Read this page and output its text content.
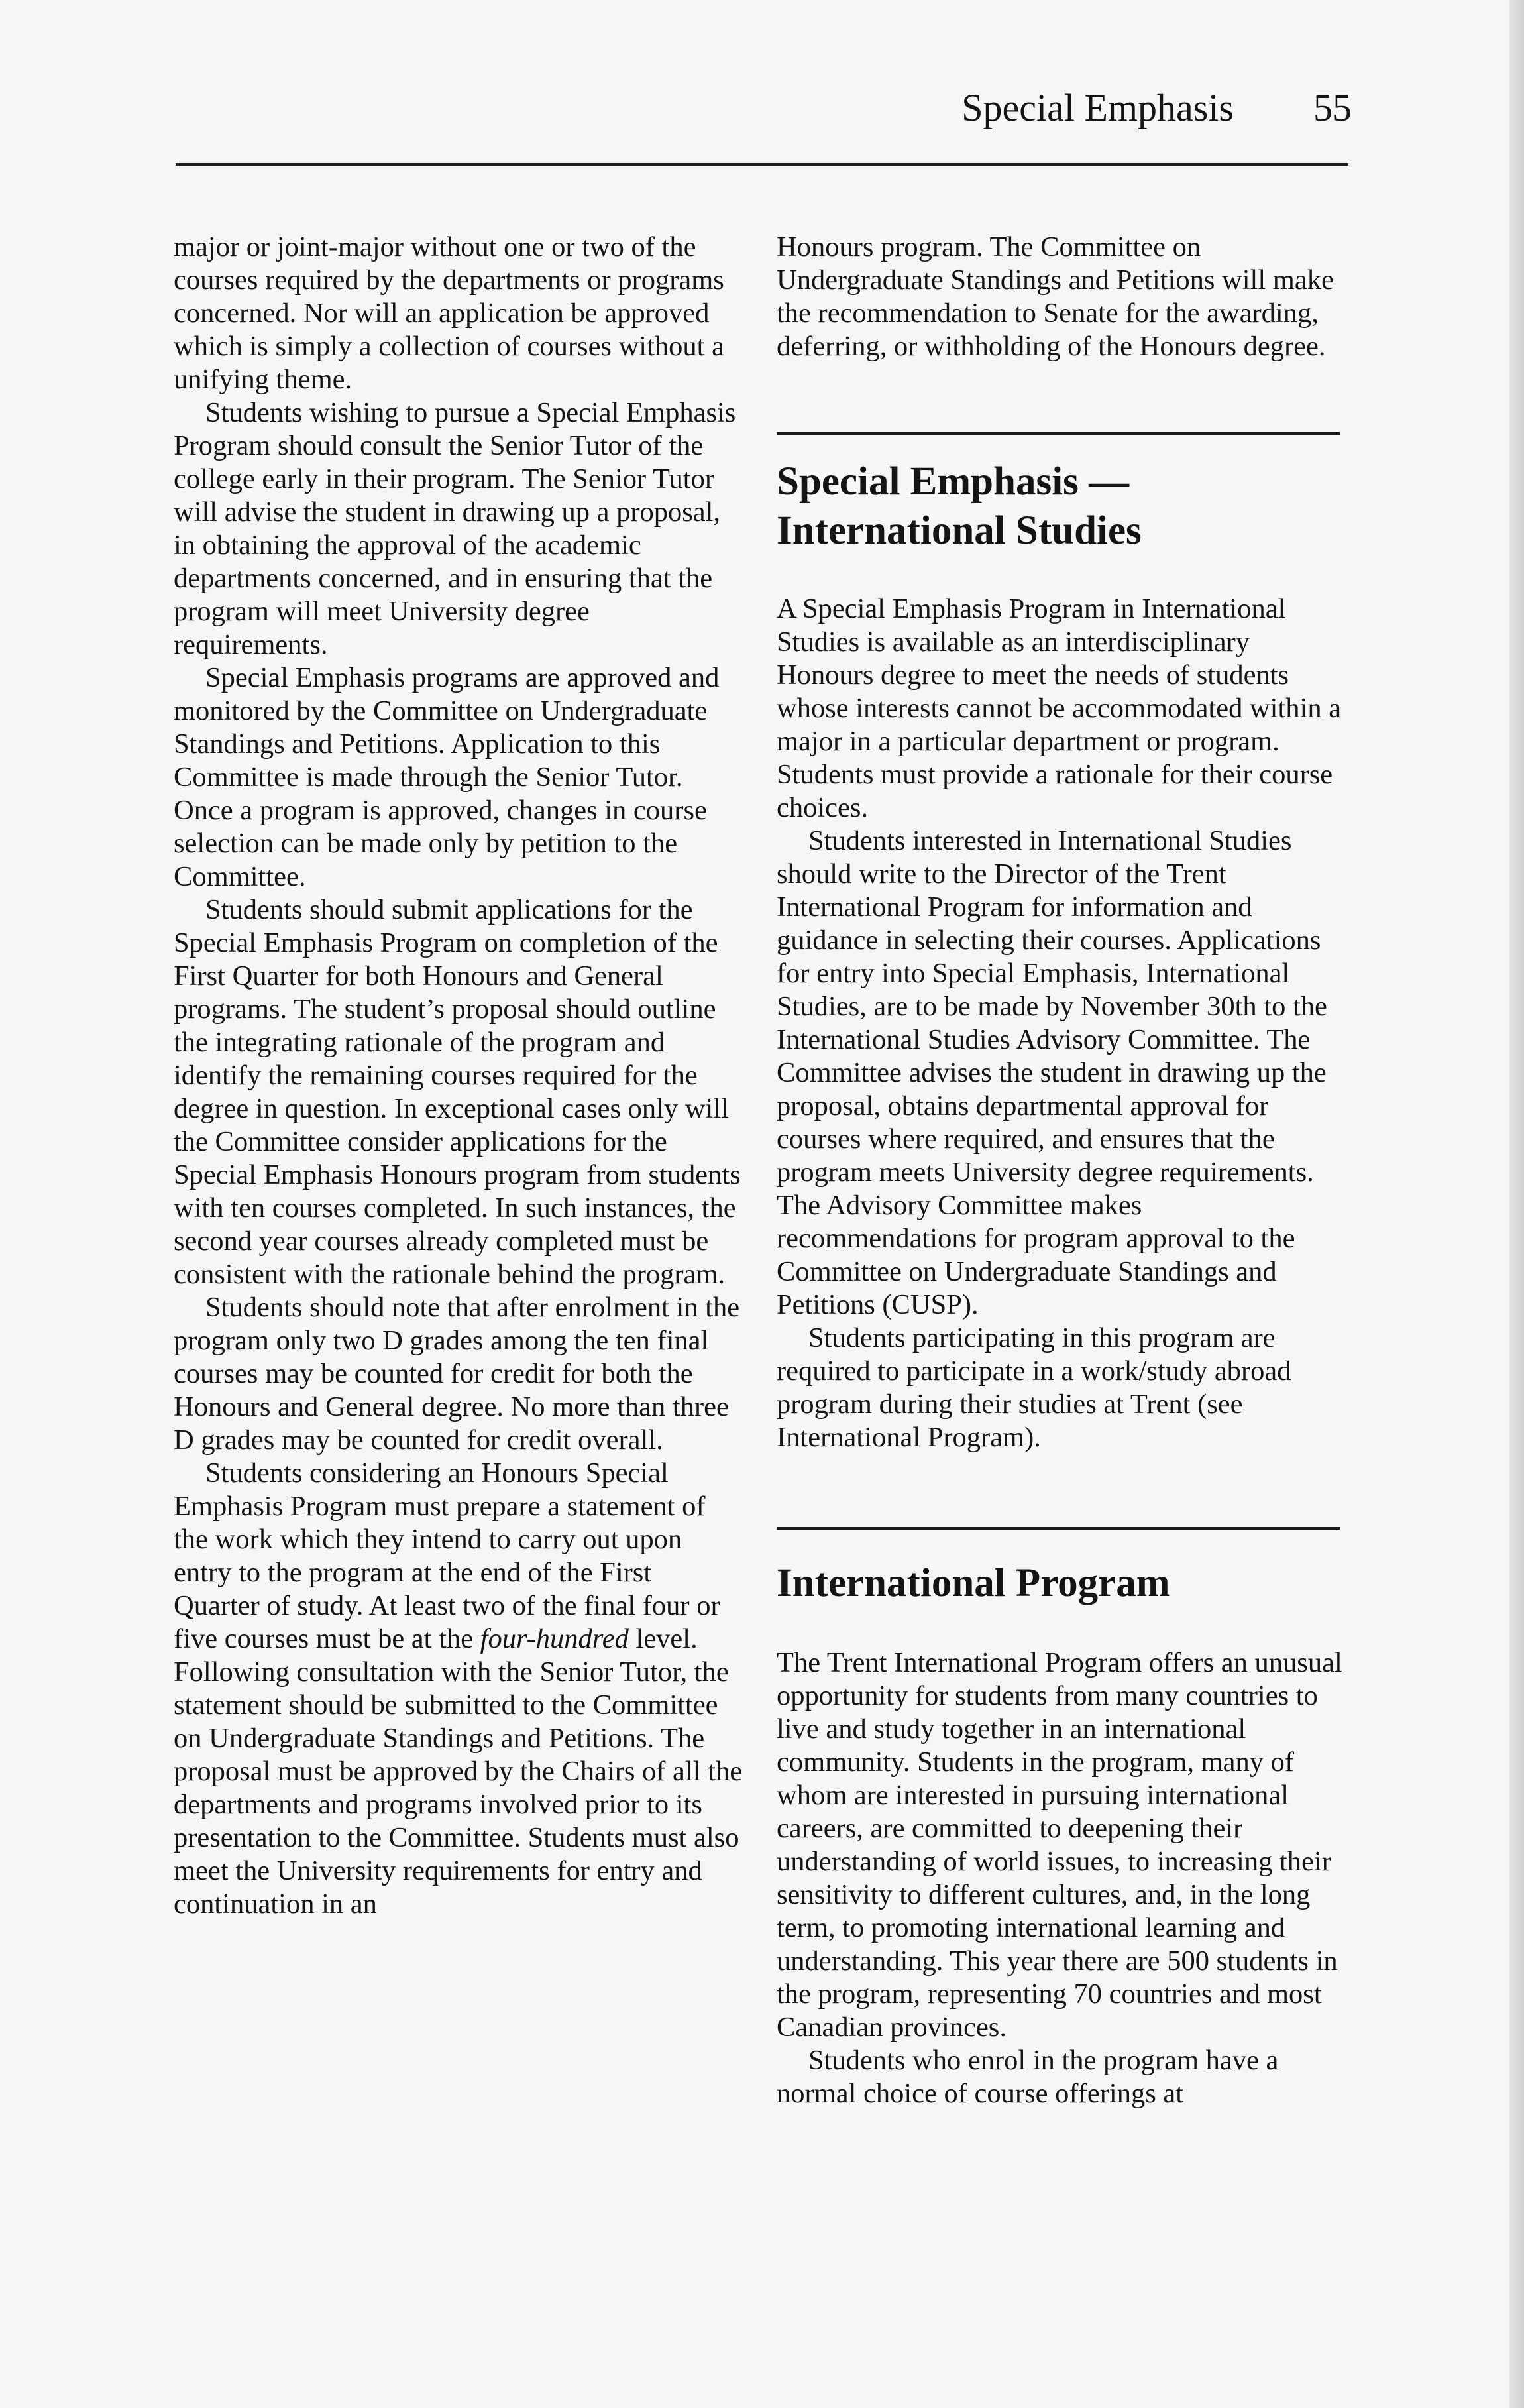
Special Emphasis 55

major or joint-major without one or two of the courses required by the departments or programs concerned. Nor will an application be approved which is simply a collection of courses without a unifying theme.

Students wishing to pursue a Special Emphasis Program should consult the Senior Tutor of the college early in their program. The Senior Tutor will advise the student in drawing up a proposal, in obtaining the approval of the academic departments concerned, and in ensuring that the program will meet University degree requirements.

Special Emphasis programs are approved and monitored by the Committee on Undergraduate Standings and Petitions. Application to this Committee is made through the Senior Tutor. Once a program is approved, changes in course selection can be made only by petition to the Committee.

Students should submit applications for the Special Emphasis Program on completion of the First Quarter for both Honours and General programs. The student’s proposal should outline the integrating rationale of the program and identify the remaining courses required for the degree in question. In exceptional cases only will the Committee consider applications for the Special Emphasis Honours program from students with ten courses completed. In such instances, the second year courses already completed must be consistent with the rationale behind the program.

Students should note that after enrolment in the program only two D grades among the ten final courses may be counted for credit for both the Honours and General degree. No more than three D grades may be counted for credit overall.

Students considering an Honours Special Emphasis Program must prepare a statement of the work which they intend to carry out upon entry to the program at the end of the First Quarter of study. At least two of the final four or five courses must be at the four-hundred level. Following consultation with the Senior Tutor, the statement should be submitted to the Committee on Undergraduate Standings and Petitions. The proposal must be approved by the Chairs of all the departments and programs involved prior to its presentation to the Committee. Students must also meet the University requirements for entry and continuation in an

Honours program. The Committee on Undergraduate Standings and Petitions will make the recommendation to Senate for the awarding, deferring, or withholding of the Honours degree.

Special Emphasis — International Studies

A Special Emphasis Program in International Studies is available as an interdisciplinary Honours degree to meet the needs of students whose interests cannot be accommodated within a major in a particular department or program. Students must provide a rationale for their course choices.

Students interested in International Studies should write to the Director of the Trent International Program for information and guidance in selecting their courses. Applications for entry into Special Emphasis, International Studies, are to be made by November 30th to the International Studies Advisory Committee. The Committee advises the student in drawing up the proposal, obtains departmental approval for courses where required, and ensures that the program meets University degree requirements. The Advisory Committee makes recommendations for program approval to the Committee on Undergraduate Standings and Petitions (CUSP).

Students participating in this program are required to participate in a work/study abroad program during their studies at Trent (see International Program).

International Program

The Trent International Program offers an unusual opportunity for students from many countries to live and study together in an international community. Students in the program, many of whom are interested in pursuing international careers, are committed to deepening their understanding of world issues, to increasing their sensitivity to different cultures, and, in the long term, to promoting international learning and understanding. This year there are 500 students in the program, representing 70 countries and most Canadian provinces.

Students who enrol in the program have a normal choice of course offerings at
